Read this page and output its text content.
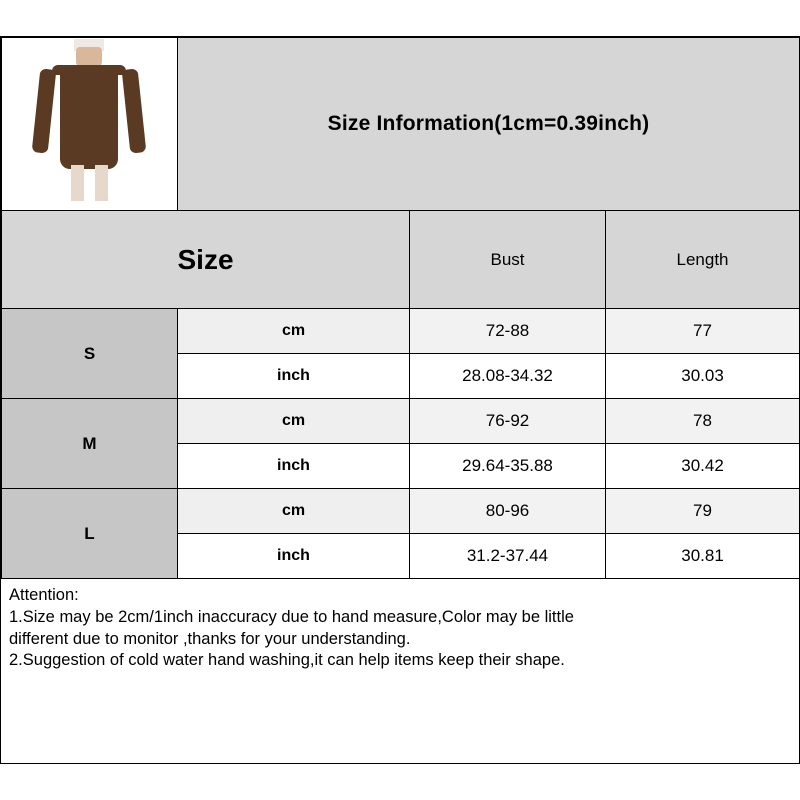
	Size Information(1cm=0.39inch)		
Size		Bust	Length
S	cm	72-88	77
	inch	28.08-34.32	30.03
M	cm	76-92	78
	inch	29.64-35.88	30.42
L	cm	80-96	79
	inch	31.2-37.44	30.81
Attention:
1.Size may be 2cm/1inch inaccuracy due to hand measure,Color may be little
different due to monitor ,thanks for your understanding.
2.Suggestion of cold water hand washing,it can help items keep their shape.
